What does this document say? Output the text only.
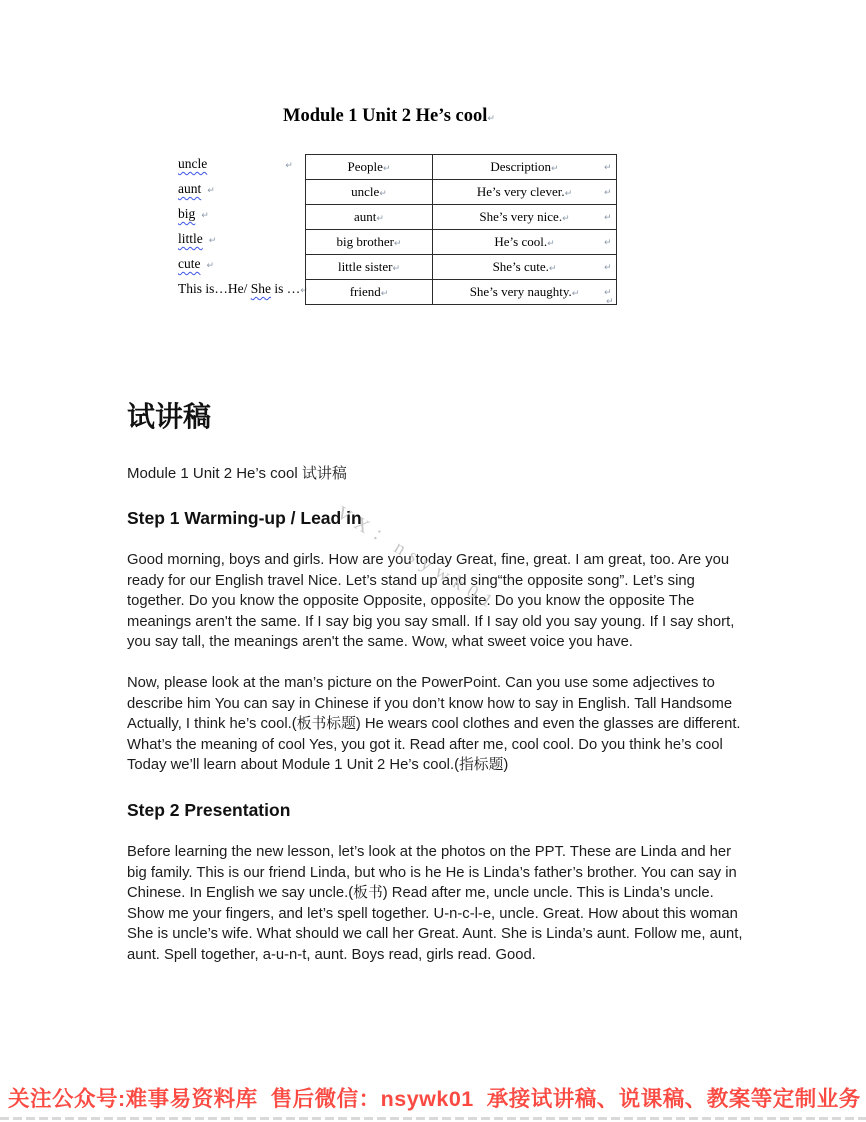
Module 1 Unit 2 He’s cool↵
uncle	↵
aunt ↵
big ↵
little ↵
cute ↵
This is…He/ She is …↵
People↵	Description↵
uncle↵	He’s very clever.↵
aunt↵	She’s very nice.↵
big brother↵	He’s cool.↵
little sister↵	She’s cute.↵
friend↵	She’s very naughty.↵
↵
↵
↵
↵
↵
↵
↵
试讲稿
Module 1 Unit 2 He’s cool 试讲稿
Step 1 Warming-up / Lead in

Good morning, boys and girls. How are you today Great, fine, great. I am great, too. Are you ready for our English travel Nice. Let’s stand up and sing“the opposite song”. Let’s sing together. Do you know the opposite Opposite, opposite. Do you know the opposite The meanings aren't the same. If I say big you say small. If I say old you say young. If I say short, you say tall, the meanings aren't the same. Wow, what sweet voice you have.

Now, please look at the man’s picture on the PowerPoint. Can you use some adjectives to describe him You can say in Chinese if you don’t know how to say in English. Tall Handsome Actually, I think he’s cool.(板书标题) He wears cool clothes and even the glasses are different. What’s the meaning of cool Yes, you got it. Read after me, cool cool. Do you think he’s cool Today we’ll learn about Module 1 Unit 2 He’s cool.(指标题)

Step 2 Presentation

Before learning the new lesson, let’s look at the photos on the PPT. These are Linda and her big family. This is our friend Linda, but who is he He is Linda’s father’s brother. You can say in Chinese. In English we say uncle.(板书) Read after me, uncle uncle. This is Linda’s uncle. Show me your fingers, and let’s spell together. U-n-c-l-e, uncle. Great. How about this woman She is uncle’s wife. What should we call her Great. Aunt. She is Linda’s aunt. Follow me, aunt, aunt. Spell together, a-u-n-t, aunt. Boys read, girls read. Good.

VX：nsywk01
关注公众号:难事易资料库  售后微信：nsywk01  承接试讲稿、说课稿、教案等定制业务
